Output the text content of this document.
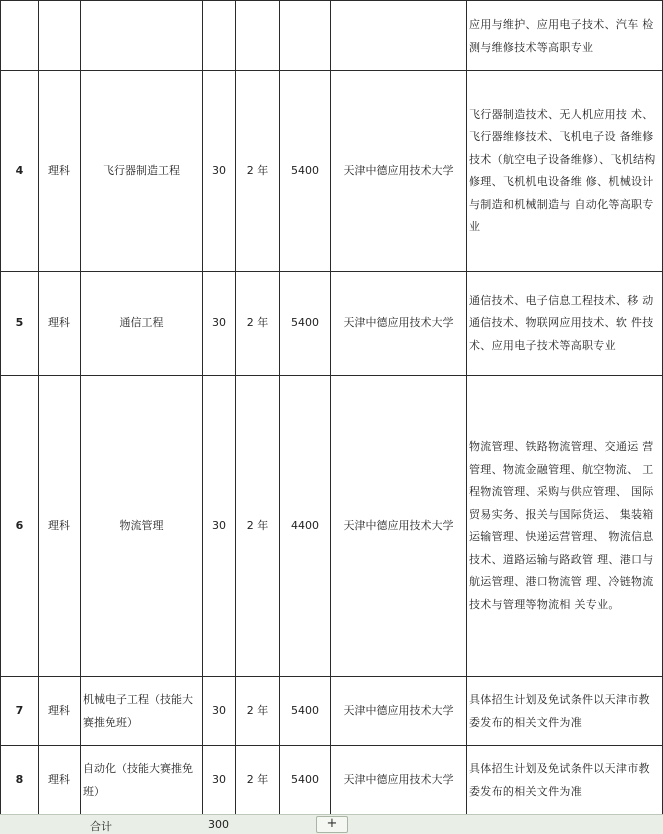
							应用与维护、应用电子技术、汽车 检测与维修技术等高职专业

4	理科	飞行器制造工程	30	2 年	5400	天津中德应用技术大学	飞行器制造技术、无人机应用技 术、飞行器维修技术、飞机电子设 备维修技术（航空电子设备维修）、飞机结构修理、飞机机电设备维 修、机械设计与制造和机械制造与 自动化等高职专业

5	理科	通信工程	30	2 年	5400	天津中德应用技术大学	通信技术、电子信息工程技术、移 动通信技术、物联网应用技术、软 件技术、应用电子技术等高职专业

6	理科	物流管理	30	2 年	4400	天津中德应用技术大学	物流管理、铁路物流管理、交通运 营管理、物流金融管理、航空物流、 工程物流管理、采购与供应管理、 国际贸易实务、报关与国际货运、 集装箱运输管理、快递运营管理、 物流信息技术、道路运输与路政管 理、港口与航运管理、港口物流管 理、冷链物流技术与管理等物流相 关专业。

7	理科	机械电子工程（技能大赛推免班）	30	2 年	5400	天津中德应用技术大学	具体招生计划及免试条件以天津市教委发布的相关文件为准

8	理科	自动化（技能大赛推免班）	30	2 年	5400	天津中德应用技术大学	具体招生计划及免试条件以天津市教委发布的相关文件为准
合计	300	+
